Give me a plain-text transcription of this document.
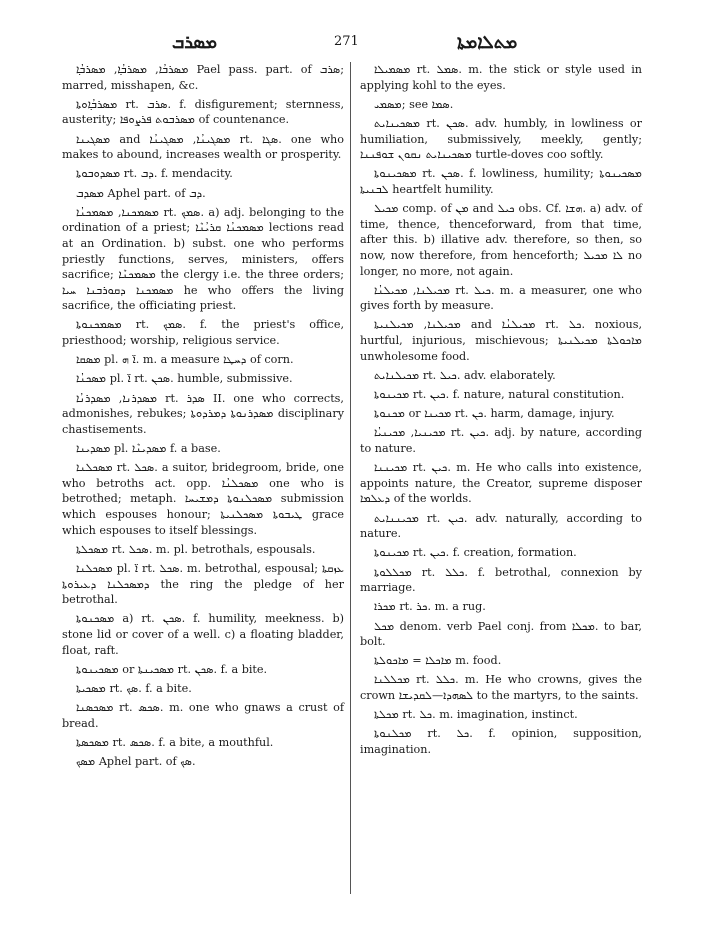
ܡܣܪܒ	271	ܡܬܠܐܡܬܐ

ܡܣܪܒܳܐ, ܡܣܪܒܳܐ݂, ܡܣܪܒܳܐ݂ Pael pass. part. of ܣܪܒ; marred, misshapen, &c.

ܡܣܪܒܳܐ݂ܘܬܐ rt. ܣܪܒ. f. disfigurement; sternness, austerity; ܡܣܪܒܘܬ ܦܪܨܘܦܐ of countenance.

ܡܣܓܝܢܐ and ܡܣܓܝܢܳܐ, ܡܣܓܝܢܳܐ rt. ܣܓܐ. one who makes to abound, increases wealth or prosperity.

ܡܣܕܘܒܘܬܐ rt. ܕܒ. f. mendacity.

ܡܣܕܒ Aphel part. of ܕܒ.

ܡܣܡܟܢܐ, ܡܣܡܟܢܳܐ rt. ܣܡܟ. a) adj. belonging to the ordination of a priest; ܡܣܡܟܢܳܐ ܩܪܝܳܢܶܐ lections read at an Ordination. b) subst. one who performs priestly functions, serves, ministers, offers sacrifice; ܡܣܡܟܢܶܐ the clergy i.e. the three orders; ܡܣܡܟܢܐ ܕܩܘܪܒܢܐ ܚܝܐ he who offers the living sacrifice, the officiating priest.

ܡܣܡܟܢܘܬܐ rt. ܣܡܟ. f. the priest's office, priesthood; worship, religious service.

ܡܣܩܐ pl. ܐ̈ ܗ. m. a measure ܕܚܛܐ of corn.

ܡܣܟܢܳܐ pl. ܐ̈ rt. ܣܟܢ. humble, submissive.

ܡܣܕܪܢܐ, ܡܣܕܪܢܳܐ rt. ܣܕܪ II. one who corrects, admonishes, rebukes; ܡܣܕܪܢܘܬܐ ܕܡܪܕܘܬܐ disciplinary chastisements.

ܡܣܕܝܢܐ pl. ܡܣܕܝܢܶܐ f. a base.

ܡܣܟܠܢܐ rt. ܣܟܠ. a suitor, bridegroom, bride, one who betroths act. opp. ܡܣܟܠܢܳܐ one who is betrothed; metaph. ܡܣܟܠܢܘܬܐ ܕܡܫܝܚܐ submission which espouses honour; ܛܝܒܘܬܐ ܡܣܟܠܢܝܬܐ grace which espouses to itself blessings.

ܡܣܟܠܬܐ rt. ܣܟܠ. m. pl. betrothals, espousals.

ܡܣܟܠܢܐ pl. ܐ̈ rt. ܣܟܠ. m. betrothal, espousal; ܥܙܩܬܐ ܕܡܣܟܠܢܐ ܕܥܝܪܘܬܐ the ring the pledge of her betrothal.

ܡܣܟܢܘܬܐ a) rt. ܣܟܢ. f. humility, meekness. b) stone lid or cover of a well. c) a floating bladder, float, raft.

ܡܣܟܝܢܘܬܐ or ܡܣܟܝܢܬܐ rt. ܣܟܢ. f. a bite.

ܡܣܟܝܬܐ rt. ܣܟ. f. a bite.

ܡܣܟܣܢܐ rt. ܣܟܣ. m. one who gnaws a crust of bread.

ܡܣܟܣܬܐ rt. ܣܟܣ. f. a bite, a mouthful.

ܡܣܟ Aphel part. of ܣܟ.

ܡܣܡܝܠܐ rt. ܣܡܠ. m. the stick or style used in applying kohl to the eyes.

ܡܣܡܝ; see ܣܡܐ.

ܡܣܟܝܢܐܝܬ rt. ܣܟܢ. adv. humbly, in lowliness or humiliation, submissively, meekly, gently; ܡܣܟܝܢܐܝܬ ܢܩܘܢ ܫܘܦܢܢܐ turtle-doves coo softly.

ܡܣܟܝܢܘܬܐ rt. ܣܟܢ. f. lowliness, humility; ܡܣܟܝܢܘܬܐ ܠܒܢܝܬܐ heartfelt humility.

ܡܟܝܠ comp. of ܡܢ and ܟܝܠ obs. Cf. ܗܫܐ. a) adv. of time, thence, thenceforward, from that time, after this. b) illative adv. therefore, so then, so now, now therefore, from henceforth; ܠܐ ܡܟܝܠ no longer, no more, not again.

ܡܟܝܠܢܐ, ܡܟܝܠܢܳܐ rt. ܟܝܠ. m. a measurer, one who gives forth by measure.

ܡܟܝܠܢܐ, ܡܟܝܠܢܝܬܐ and ܡܟܝܠܢܳܐ rt. ܟܠ. noxious, hurtful, injurious, mischievous; ܡܐܟܘܠܬܐ ܡܟܝܠܢܝܬܐ unwholesome food.

ܡܟܝܠܢܐܝܬ rt. ܟܝܠ. adv. elaborately.

ܡܟܝܢܘܬܐ rt. ܟܝܢ. f. nature, natural constitution.

ܡܟܢܘܬܐ or ܡܟܝܢܐ rt. ܟܢ. harm, damage, injury.

ܡܟܝܢܝܐ, ܡܟܝܢܝܳܐ rt. ܟܝܢ. adj. by nature, according to nature.

ܡܟܝܢܢܐ rt. ܟܝܢ. m. He who calls into existence, appoints nature, the Creator, supreme disposer ܕܥܠܡܐ of the worlds.

ܡܟܝܢܢܐܝܬ rt. ܟܝܢ. adv. naturally, according to nature.

ܡܟܝܢܘܬܐ rt. ܟܝܢ. f. creation, formation.

ܡܟܠܠܘܬܐ rt. ܟܠܠ. f. betrothal, connexion by marriage.

ܡܟܪܐ rt. ܟܪ. m. a rug.

ܡܟܠ denom. verb Pael conj. from ܡܟܠܐ. to bar, bolt.

ܡܐܟܠܐ = ܡܐܟܘܠܬܐ m. food.

ܡܟܠܠܢܐ rt. ܟܠܠ. m. He who crowns, gives the crown ܠܣܗܕܐ—ܠܩܕܝܫܐ to the martyrs, to the saints.

ܡܟܠܬܐ rt. ܟܠ. m. imagination, instinct.

ܡܟܠܢܘܬܐ rt. ܟܠ. f. opinion, supposition, imagination.
